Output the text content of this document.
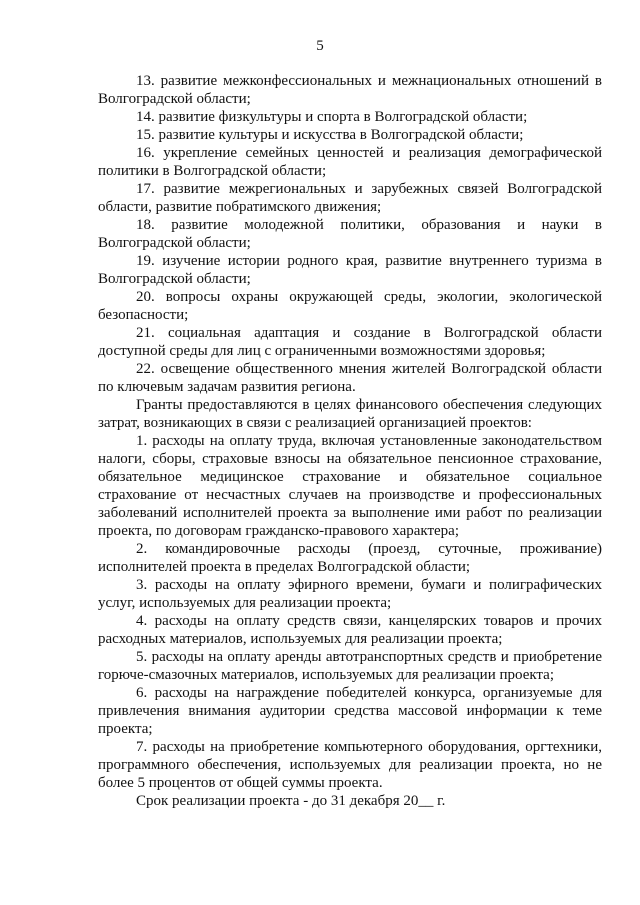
5

13. развитие межконфессиональных и межнациональных отношений в Волгоградской области;

14. развитие физкультуры и спорта в Волгоградской области;

15. развитие культуры и искусства в Волгоградской области;

16. укрепление семейных ценностей и реализация демографической политики в Волгоградской области;

17. развитие межрегиональных и зарубежных связей Волгоградской области, развитие побратимского движения;

18. развитие молодежной политики, образования и науки в Волгоградской области;

19. изучение истории родного края, развитие внутреннего туризма в Волгоградской области;

20. вопросы охраны окружающей среды, экологии, экологической безопасности;

21. социальная адаптация и создание в Волгоградской области доступной среды для лиц с ограниченными возможностями здоровья;

22. освещение общественного мнения жителей Волгоградской области по ключевым задачам развития региона.

Гранты предоставляются в целях финансового обеспечения следующих затрат, возникающих в связи с реализацией организацией проектов:

1. расходы на оплату труда, включая установленные законодательством налоги, сборы, страховые взносы на обязательное пенсионное страхование, обязательное медицинское страхование и обязательное социальное страхование от несчастных случаев на производстве и профессиональных заболеваний исполнителей проекта за выполнение ими работ по реализации проекта, по договорам гражданско-правового характера;

2. командировочные расходы (проезд, суточные, проживание) исполнителей проекта в пределах Волгоградской области;

3. расходы на оплату эфирного времени, бумаги и полиграфических услуг, используемых для реализации проекта;

4. расходы на оплату средств связи, канцелярских товаров и прочих расходных материалов, используемых для реализации проекта;

5. расходы на оплату аренды автотранспортных средств и приобретение горюче-смазочных материалов, используемых для реализации проекта;

6. расходы на награждение победителей конкурса, организуемые для привлечения внимания аудитории средства массовой информации к теме проекта;

7. расходы на приобретение компьютерного оборудования, оргтехники, программного обеспечения, используемых для реализации проекта, но не более 5 процентов от общей суммы проекта.

Срок реализации проекта - до 31 декабря 20__ г.
